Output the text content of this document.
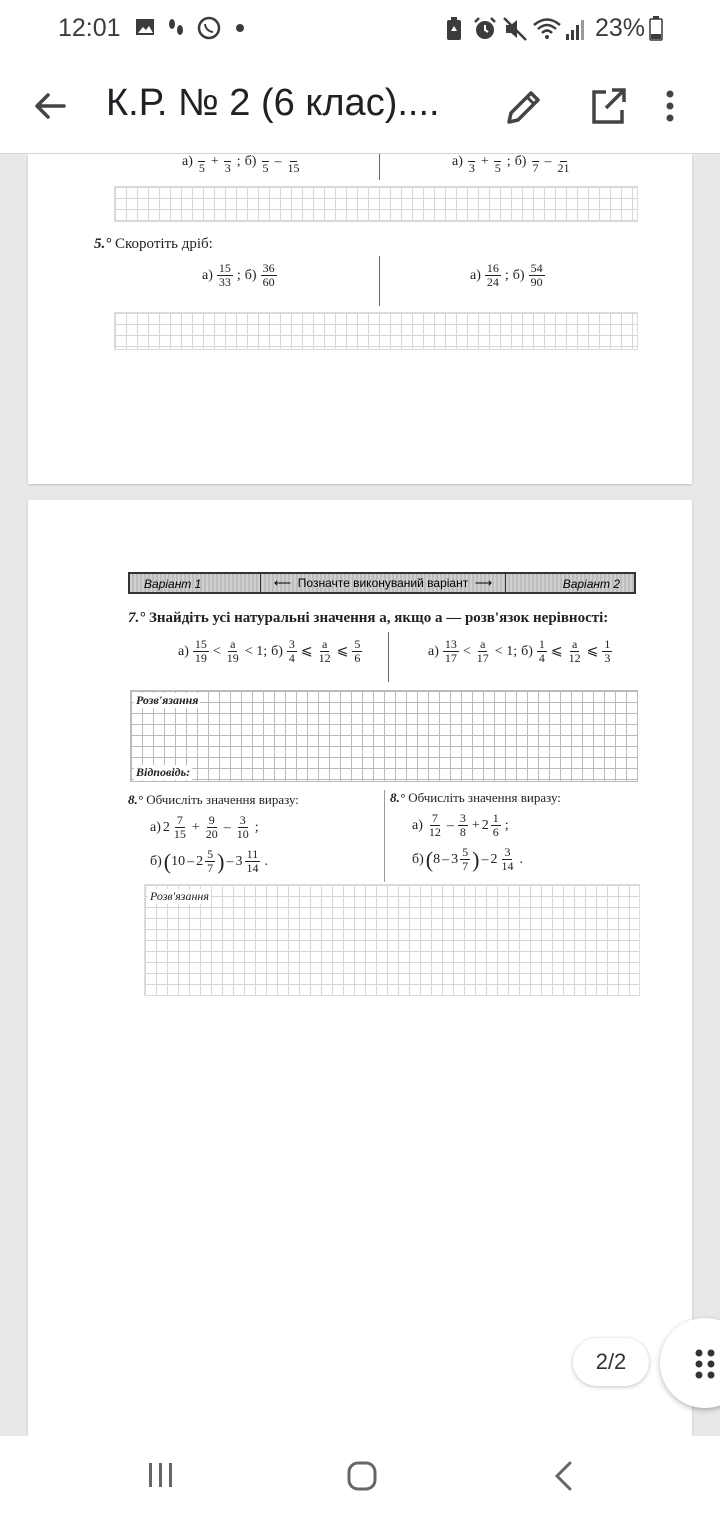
12:01	23%
К.Р. № 2 (6 клас)....
а)
5 +
3 ; б)
5 –
15	а)
3 +
5 ; б)
7 –
21
5.° Скоротіть дріб:
$а) \frac{15}{33}$ ; $б) \frac{36}{60}$	$а) \frac{16}{24}$ ; $б) \frac{54}{90}$
Варіант 1	⟵  Позначте виконуваний варіант  ⟶	Варіант 2
7.° Знайдіть усі натуральні значення a, якщо a — розв'язок нерівності:
$а) \frac{15}{19} < \frac{a}{19} < 1$; $б) \frac{3}{4}$ ⩽ $\frac{a}{12}$ ⩽ $\frac{5}{6}$	$а) \frac{13}{17} < \frac{a}{17} < 1$; $б) \frac{1}{4}$ ⩽ $\frac{a}{12}$ ⩽ $\frac{1}{3}$
Розв'язання
Відповідь:
8.° Обчисліть значення виразу:
а) $2 \frac{7}{15} + \frac{9}{20} - \frac{3}{10}$ ;
б) ( $10 - 2 \frac{5}{7}$ ) – $3 \frac{11}{14}$ .
8.° Обчисліть значення виразу:
$а) \frac{7}{12} - \frac{3}{8} + 2 \frac{1}{6}$ ;
б) ( $8 - 3 \frac{5}{7}$ ) – $2 \frac{3}{14}$ .
Розв'язання
2/2
